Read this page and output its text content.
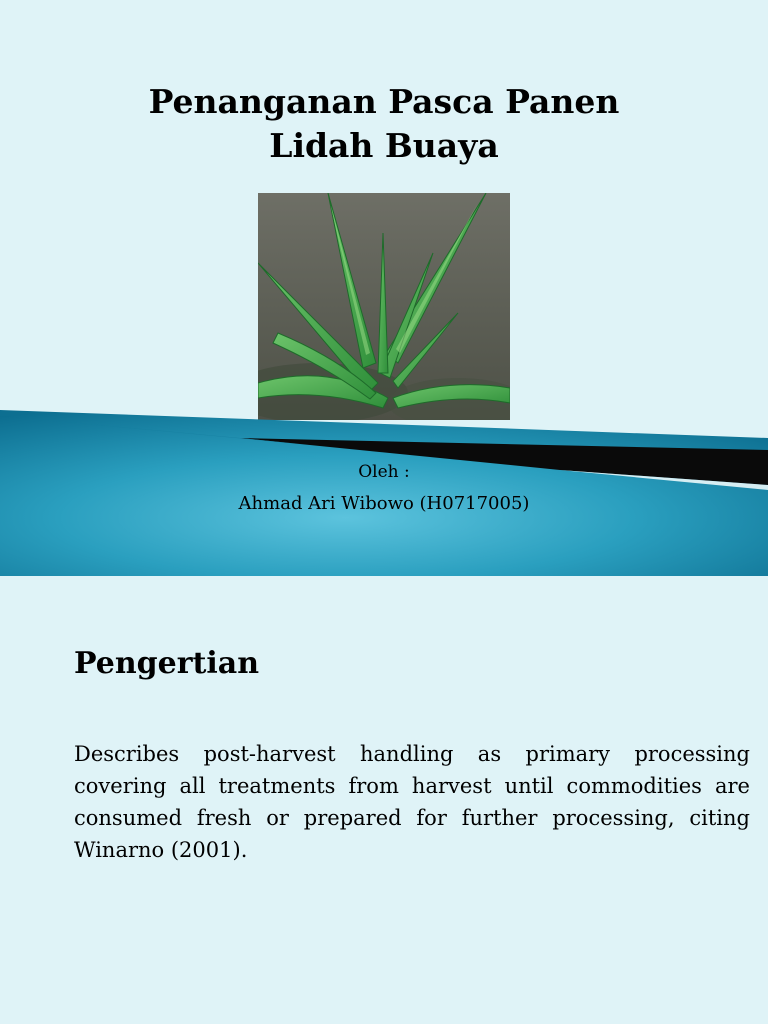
Penanganan Pasca Panen
Lidah Buaya
Oleh :
Ahmad Ari Wibowo (H0717005)
Pengertian
Describes post-harvest handling as primary processing covering all treatments from harvest until commodities are consumed fresh or prepared for further processing, citing Winarno (2001).
